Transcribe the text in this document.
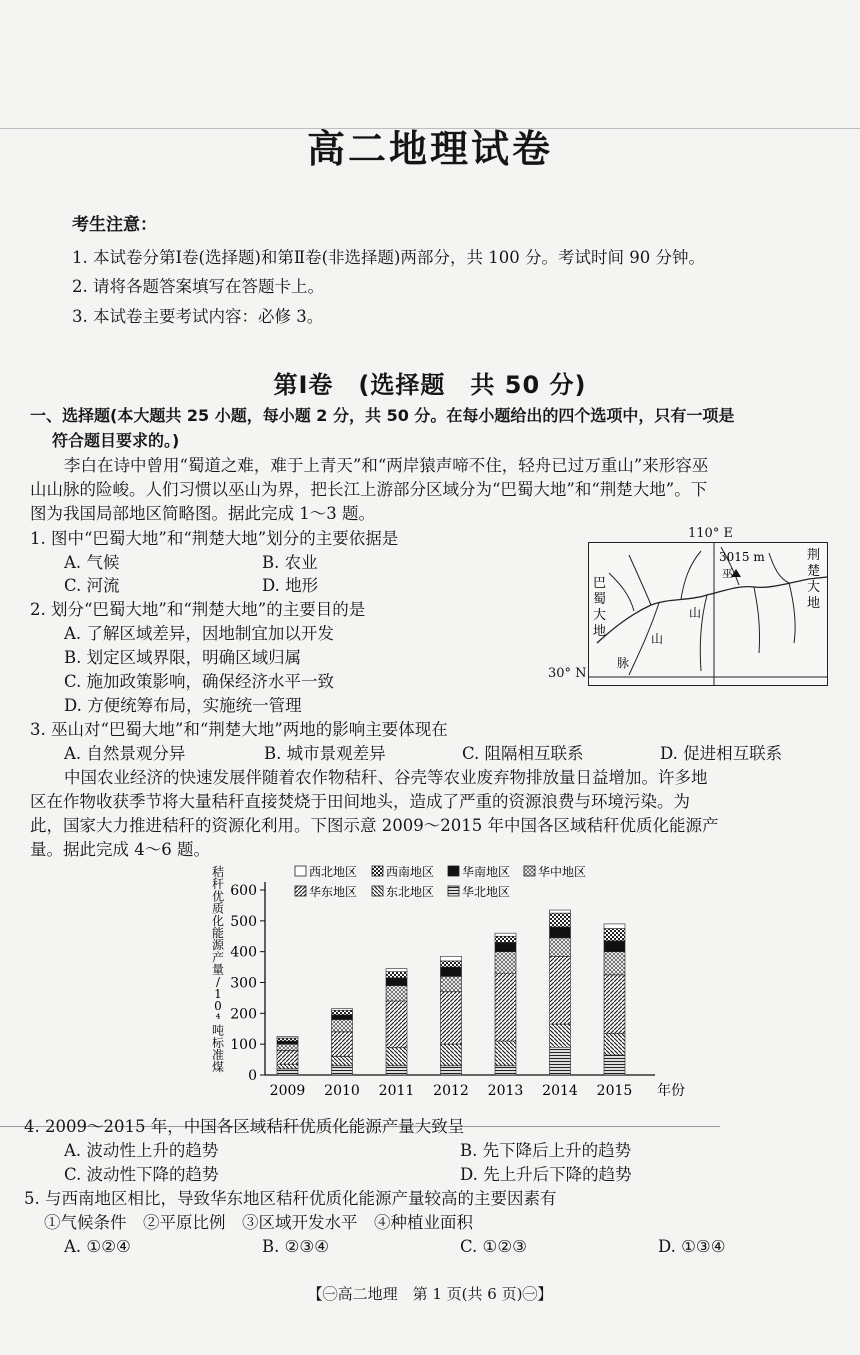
高二地理试卷
考生注意：
1. 本试卷分第Ⅰ卷(选择题)和第Ⅱ卷(非选择题)两部分，共 100 分。考试时间 90 分钟。
2. 请将各题答案填写在答题卡上。
3. 本试卷主要考试内容：必修 3。
第Ⅰ卷　(选择题　共 50 分)
一、选择题(本大题共 25 小题，每小题 2 分，共 50 分。在每小题给出的四个选项中，只有一项是
符合题目要求的。)
李白在诗中曾用“蜀道之难，难于上青天”和“两岸猿声啼不住，轻舟已过万重山”来形容巫
山山脉的险峻。人们习惯以巫山为界，把长江上游部分区域分为“巴蜀大地”和“荆楚大地”。下
图为我国局部地区简略图。据此完成 1～3 题。
1. 图中“巴蜀大地”和“荆楚大地”划分的主要依据是
A. 气候	B. 农业
C. 河流	D. 地形
2. 划分“巴蜀大地”和“荆楚大地”的主要目的是
A. 了解区域差异，因地制宜加以开发
B. 划定区域界限，明确区域归属
C. 施加政策影响，确保经济水平一致
D. 方便统筹布局，实施统一管理
110° E
30° N
3015 m
巫
山
山
脉
巴蜀大地
荆楚大地
3. 巫山对“巴蜀大地”和“荆楚大地”两地的影响主要体现在
A. 自然景观分异	B. 城市景观差异	C. 阻隔相互联系	D. 促进相互联系
中国农业经济的快速发展伴随着农作物秸秆、谷壳等农业废弃物排放量日益增加。许多地
区在作物收获季节将大量秸秆直接焚烧于田间地头，造成了严重的资源浪费与环境污染。为
此，国家大力推进秸秆的资源化利用。下图示意 2009～2015 年中国各区域秸秆优质化能源产
量。据此完成 4～6 题。
秸
秆
优
质
化
能
源
产
量
/
1
0
⁴
吨
标
准
煤
0
100
200
300
400
500
600
2009 2010 2011 2012 2013 2014 2015 年份
西北地区 西南地区 华南地区 华中地区
华东地区 东北地区 华北地区
4. 2009～2015 年，中国各区域秸秆优质化能源产量大致呈
A. 波动性上升的趋势	B. 先下降后上升的趋势
C. 波动性下降的趋势	D. 先上升后下降的趋势
5. 与西南地区相比，导致华东地区秸秆优质化能源产量较高的主要因素有
①气候条件　②平原比例　③区域开发水平　④种植业面积
A. ①②④	B. ②③④	C. ①②③	D. ①③④
【㊀高二地理　第 1 页(共 6 页)㊀】
